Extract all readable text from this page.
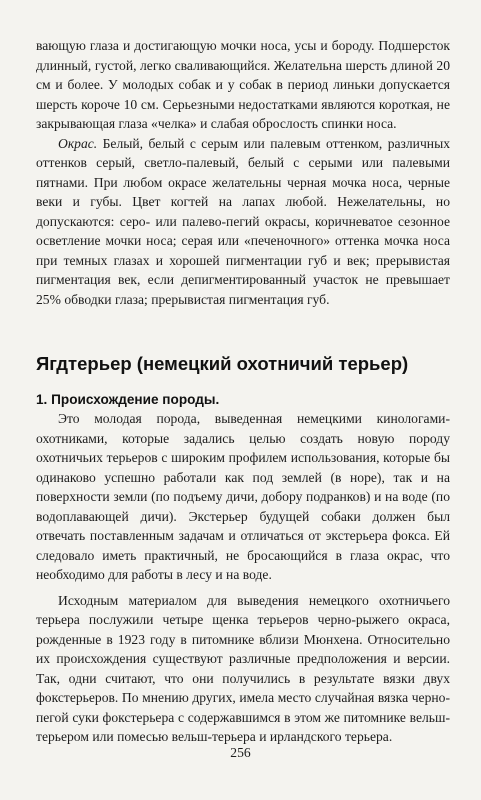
вающую глаза и достигающую мочки носа, усы и бороду. Подшерсток длинный, густой, легко сваливающийся. Желательна шерсть длиной 20 см и более. У молодых собак и у собак в период линьки допускается шерсть короче 10 см. Серьезными недостатками являются короткая, не закрывающая глаза «челка» и слабая оброслость спинки носа.

Окрас. Белый, белый с серым или палевым оттенком, различных оттенков серый, светло-палевый, белый с серыми или палевыми пятнами. При любом окрасе желательны черная мочка носа, черные веки и губы. Цвет когтей на лапах любой. Нежелательны, но допускаются: серо- или палево-пегий окрасы, коричневатое сезонное осветление мочки носа; серая или «печеночного» оттенка мочка носа при темных глазах и хорошей пигментации губ и век; прерывистая пигментация век, если депигментированный участок не превышает 25% обводки глаза; прерывистая пигментация губ.

Ягдтерьер (немецкий охотничий терьер)
1. Происхождение породы.

Это молодая порода, выведенная немецкими кинологами-охотниками, которые задались целью создать новую породу охотничьих терьеров с широким профилем использования, которые бы одинаково успешно работали как под землей (в норе), так и на поверхности земли (по подъему дичи, добору подранков) и на воде (по водоплавающей дичи). Экстерьер будущей собаки должен был отвечать поставленным задачам и отличаться от экстерьера фокса. Ей следовало иметь практичный, не бросающийся в глаза окрас, что необходимо для работы в лесу и на воде.

Исходным материалом для выведения немецкого охотничьего терьера послужили четыре щенка терьеров черно-рыжего окраса, рожденные в 1923 году в питомнике вблизи Мюнхена. Относительно их происхождения существуют различные предположения и версии. Так, одни считают, что они получились в результате вязки двух фокстерьеров. По мнению других, имела место случайная вязка черно-пегой суки фокстерьера с содержавшимся в этом же питомнике вельш-терьером или помесью вельш-терьера и ирландского терьера.

256
